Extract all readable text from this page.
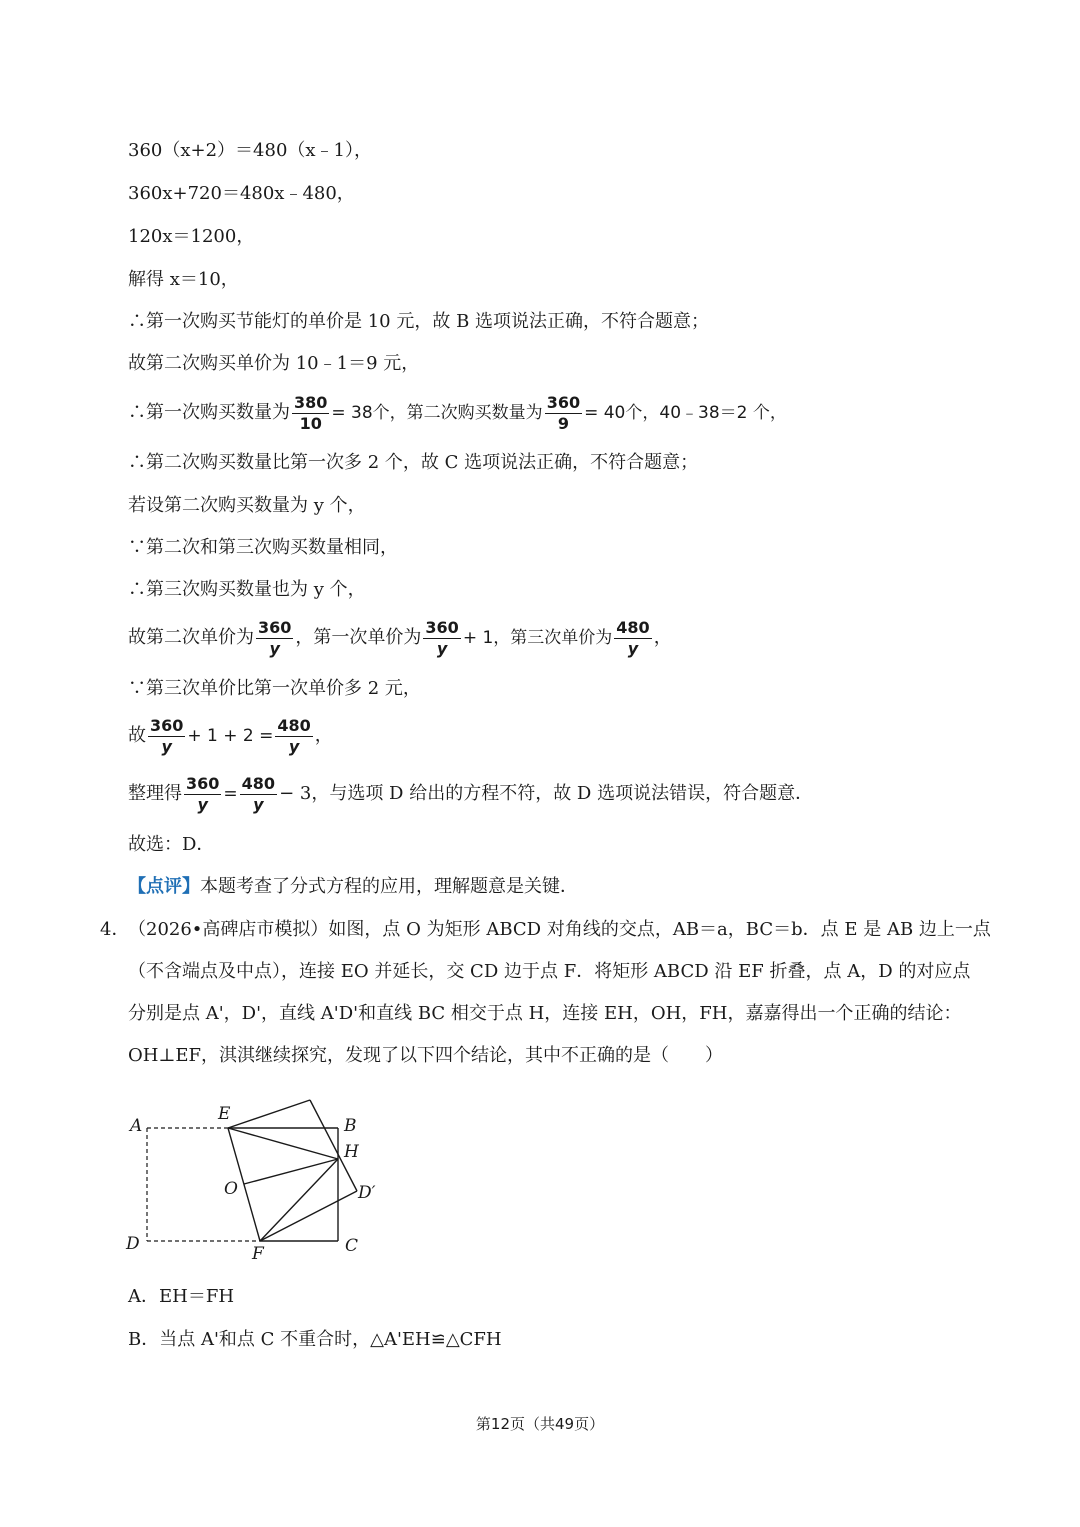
360（x+2）＝480（x﹣1），
360x+720＝480x﹣480，
120x＝1200，
解得 x＝10，
∴第一次购买节能灯的单价是 10 元，故 B 选项说法正确，不符合题意；
故第二次购买单价为 10﹣1＝9 元，
∴第一次购买数量为 $\frac{380}{10} = 38$个，第二次购买数量为 $\frac{360}{9} = 40$个，40﹣38＝2 个，
∴第二次购买数量比第一次多 2 个，故 C 选项说法正确，不符合题意；
若设第二次购买数量为 y 个，
∵第二次和第三次购买数量相同，
∴第三次购买数量也为 y 个，
故第二次单价为 $\frac{360}{y}$ ，第一次单价为 $\frac{360}{y} + 1$，第三次单价为 $\frac{480}{y}$ ，
∵第三次单价比第一次单价多 2 元，
故 $\frac{360}{y} + 1 + 2 = \frac{480}{y}$ ，
整理得 $\frac{360}{y} = \frac{480}{y} - 3$，与选项 D 给出的方程不符，故 D 选项说法错误，符合题意．
故选：D．
【点评】本题考查了分式方程的应用，理解题意是关键．
4．
（2026•高碑店市模拟）如图，点 O 为矩形 ABCD 对角线的交点，AB＝a，BC＝b．点 E 是 AB 边上一点
（不含端点及中点），连接 EO 并延长，交 CD 边于点 F．将矩形 ABCD 沿 EF 折叠，点 A，D 的对应点
分别是点 A'，D'，直线 A'D'和直线 BC 相交于点 H，连接 EH，OH，FH，嘉嘉得出一个正确的结论：
OH⊥EF，淇淇继续探究，发现了以下四个结论，其中不正确的是（　　）
A
E
B
H
O	D′
D	F	C
A．EH＝FH
B．当点 A'和点 C 不重合时，△A'EH≌△CFH
第12页（共49页）
